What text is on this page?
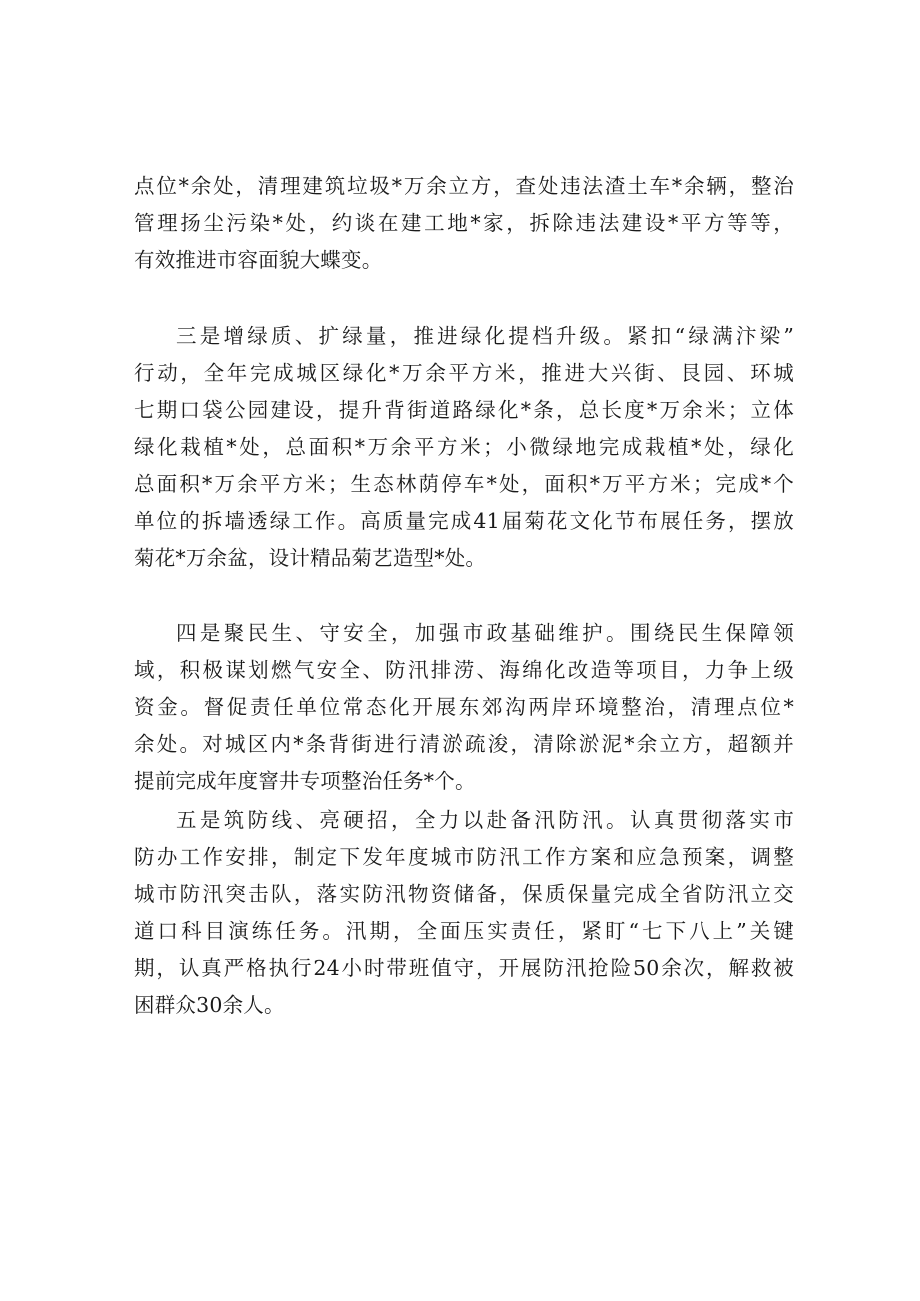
点位*余处，清理建筑垃圾*万余立方，查处违法渣土车*余辆，整治
管理扬尘污染*处，约谈在建工地*家，拆除违法建设*平方等等，
有效推进市容面貌大蝶变。
三是增绿质、扩绿量，推进绿化提档升级。紧扣“绿满汴梁”
行动，全年完成城区绿化*万余平方米，推进大兴街、艮园、环城
七期口袋公园建设，提升背街道路绿化*条，总长度*万余米；立体
绿化栽植*处，总面积*万余平方米；小微绿地完成栽植*处，绿化
总面积*万余平方米；生态林荫停车*处，面积*万平方米；完成*个
单位的拆墙透绿工作。高质量完成41届菊花文化节布展任务，摆放
菊花*万余盆，设计精品菊艺造型*处。
四是聚民生、守安全，加强市政基础维护。围绕民生保障领
域，积极谋划燃气安全、防汛排涝、海绵化改造等项目，力争上级
资金。督促责任单位常态化开展东郊沟两岸环境整治，清理点位*
余处。对城区内*条背街进行清淤疏浚，清除淤泥*余立方，超额并
提前完成年度窨井专项整治任务*个。
五是筑防线、亮硬招，全力以赴备汛防汛。认真贯彻落实市
防办工作安排，制定下发年度城市防汛工作方案和应急预案，调整
城市防汛突击队，落实防汛物资储备，保质保量完成全省防汛立交
道口科目演练任务。汛期，全面压实责任，紧盯“七下八上”关键
期，认真严格执行24小时带班值守，开展防汛抢险50余次，解救被
困群众30余人。
